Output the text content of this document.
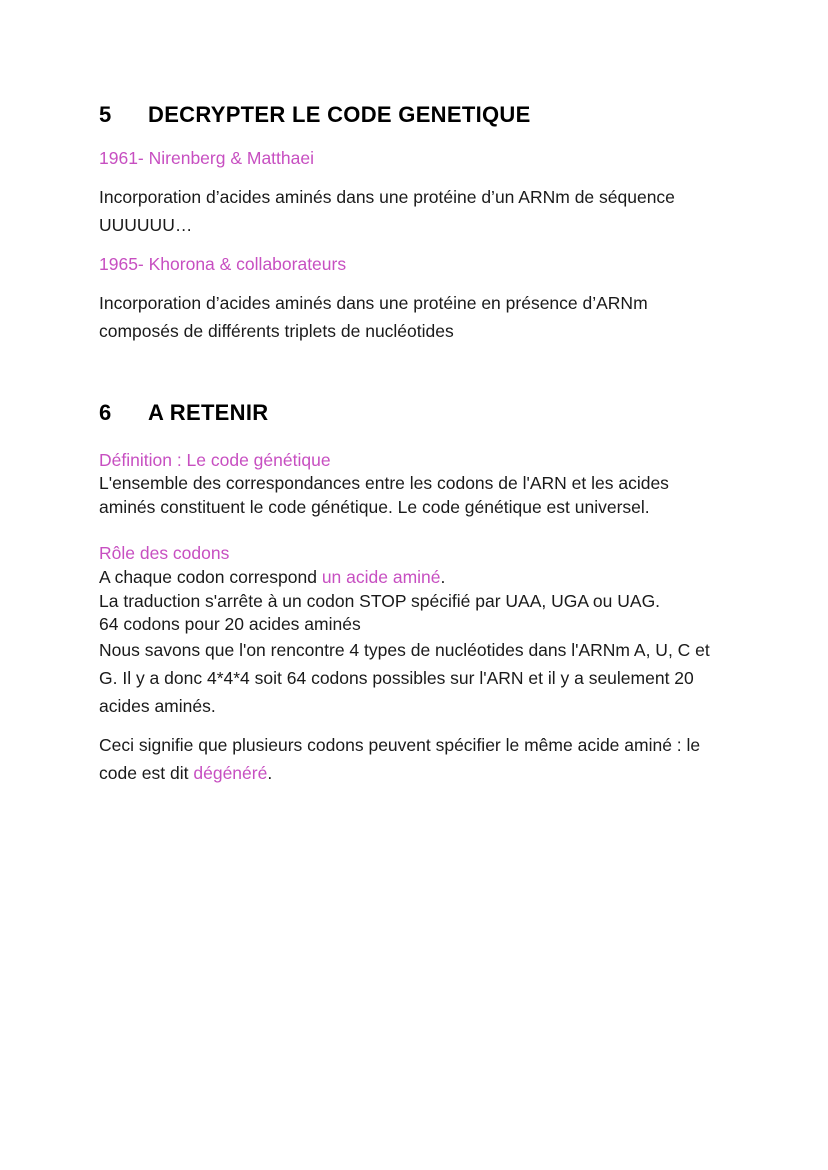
5 DECRYPTER LE CODE GENETIQUE
1961- Nirenberg & Matthaei
Incorporation d’acides aminés dans une protéine d’un ARNm de séquence UUUUUU…
1965- Khorona & collaborateurs
Incorporation d’acides aminés dans une protéine en présence d’ARNm composés de différents triplets de nucléotides
6 A RETENIR
Définition : Le code génétique
L'ensemble des correspondances entre les codons de l'ARN et les acides aminés constituent le code génétique. Le code génétique est universel.
Rôle des codons
A chaque codon correspond un acide aminé.
La traduction s'arrête à un codon STOP spécifié par UAA, UGA ou UAG.
64 codons pour 20 acides aminés
Nous savons que l'on rencontre 4 types de nucléotides dans l'ARNm A, U, C et G. Il y a donc 4*4*4 soit 64 codons possibles sur l'ARN et il y a seulement 20 acides aminés.
Ceci signifie que plusieurs codons peuvent spécifier le même acide aminé : le code est dit dégénéré.
